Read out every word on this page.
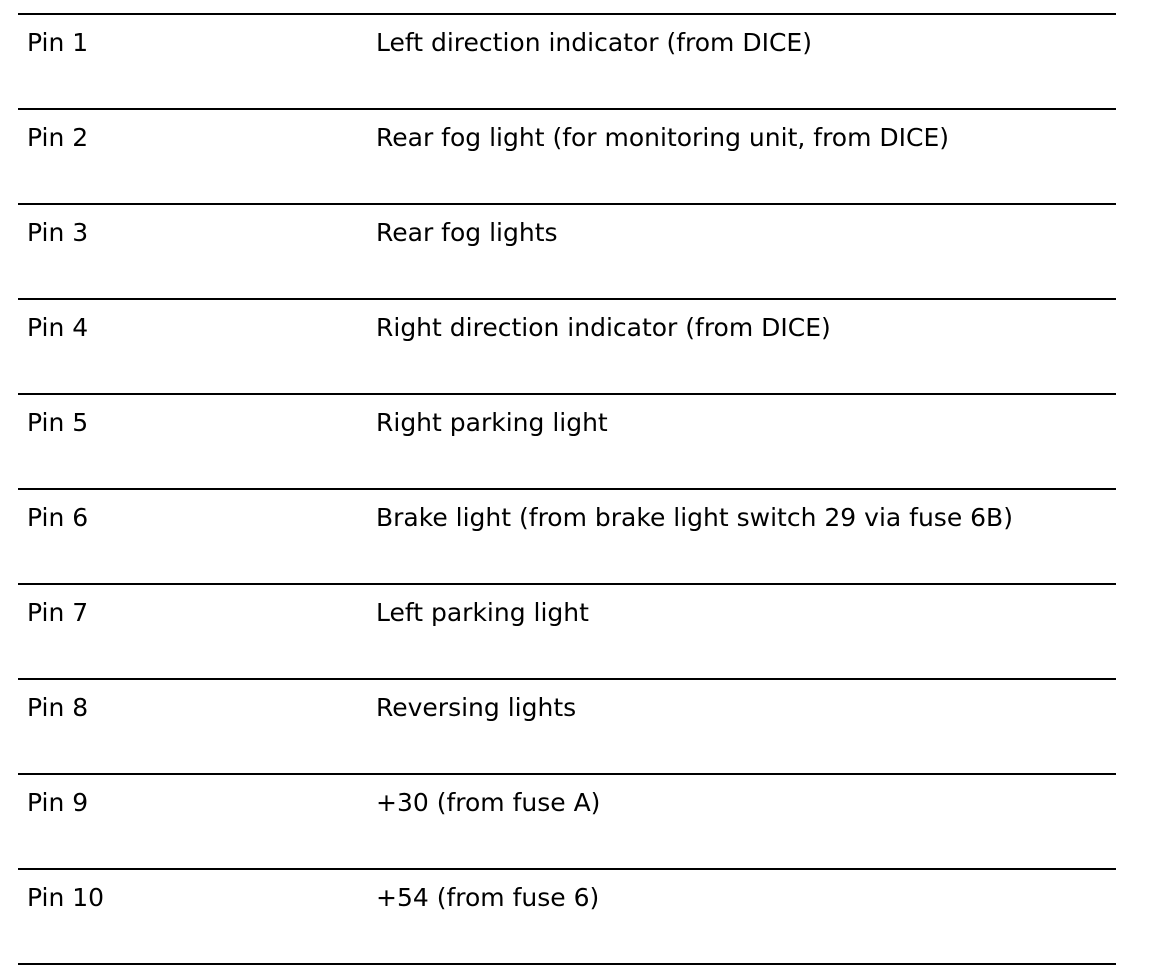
Pin 1	Left direction indicator (from DICE)

Pin 2	Rear fog light (for monitoring unit, from DICE)

Pin 3	Rear fog lights

Pin 4	Right direction indicator (from DICE)

Pin 5	Right parking light

Pin 6	Brake light (from brake light switch 29 via fuse 6B)

Pin 7	Left parking light

Pin 8	Reversing lights

Pin 9	+30 (from fuse A)

Pin 10	+54 (from fuse 6)
